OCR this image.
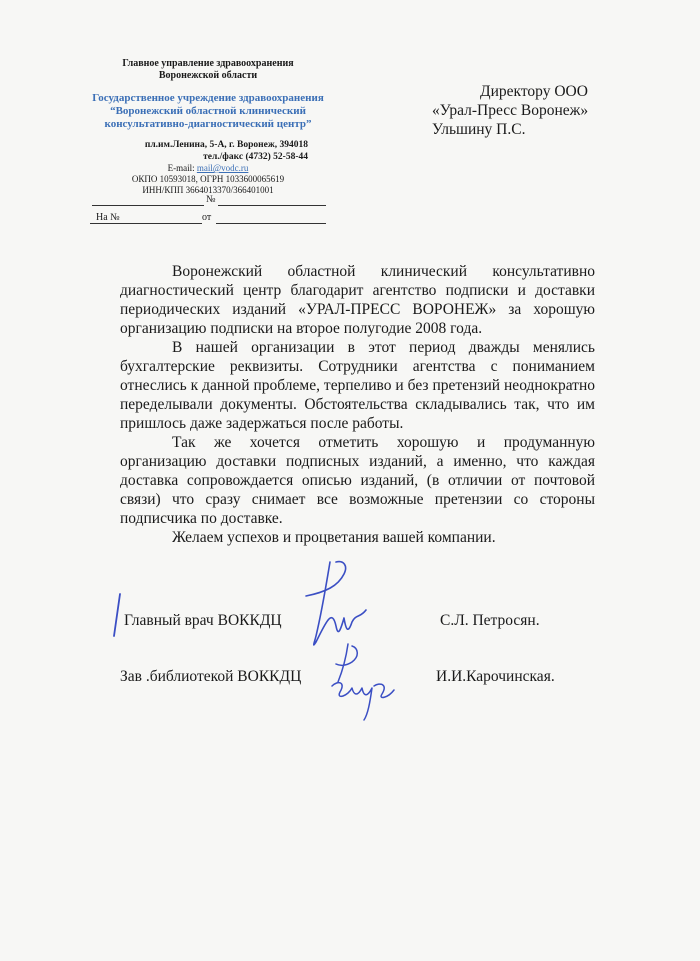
Главное управление здравоохранения
Воронежской области
Государственное учреждение здравоохранения
“Воронежский областной клинический
консультативно-диагностический центр”
пл.им.Ленина, 5-А, г. Воронеж, 394018
тел./факс (4732) 52-58-44
E-mail: mail@vodc.ru
ОКПО 10593018, ОГРН 1033600065619
ИНН/КПП 3664013370/366401001
№
На №	от
Директору ООО
«Урал-Пресс Воронеж»
Ульшину П.С.

Воронежский областной клинический консультативно диагностический центр благодарит агентство подписки и доставки периодических изданий «УРАЛ-ПРЕСС ВОРОНЕЖ» за хорошую организацию подписки на второе полугодие 2008 года.

В нашей организации в этот период дважды менялись бухгалтерские реквизиты. Сотрудники агентства с пониманием отнеслись к данной проблеме, терпеливо и без претензий неоднократно переделывали документы. Обстоятельства складывались так, что им пришлось даже задержаться после работы.

Так же хочется отметить хорошую и продуманную организацию доставки подписных изданий, а именно, что каждая доставка сопровождается описью изданий, (в отличии от почтовой связи) что сразу снимает все возможные претензии со стороны подписчика по доставке.

Желаем успехов и процветания вашей компании.

Главный врач ВОККДЦ	С.Л. Петросян.
Зав .библиотекой ВОККДЦ	И.И.Карочинская.
